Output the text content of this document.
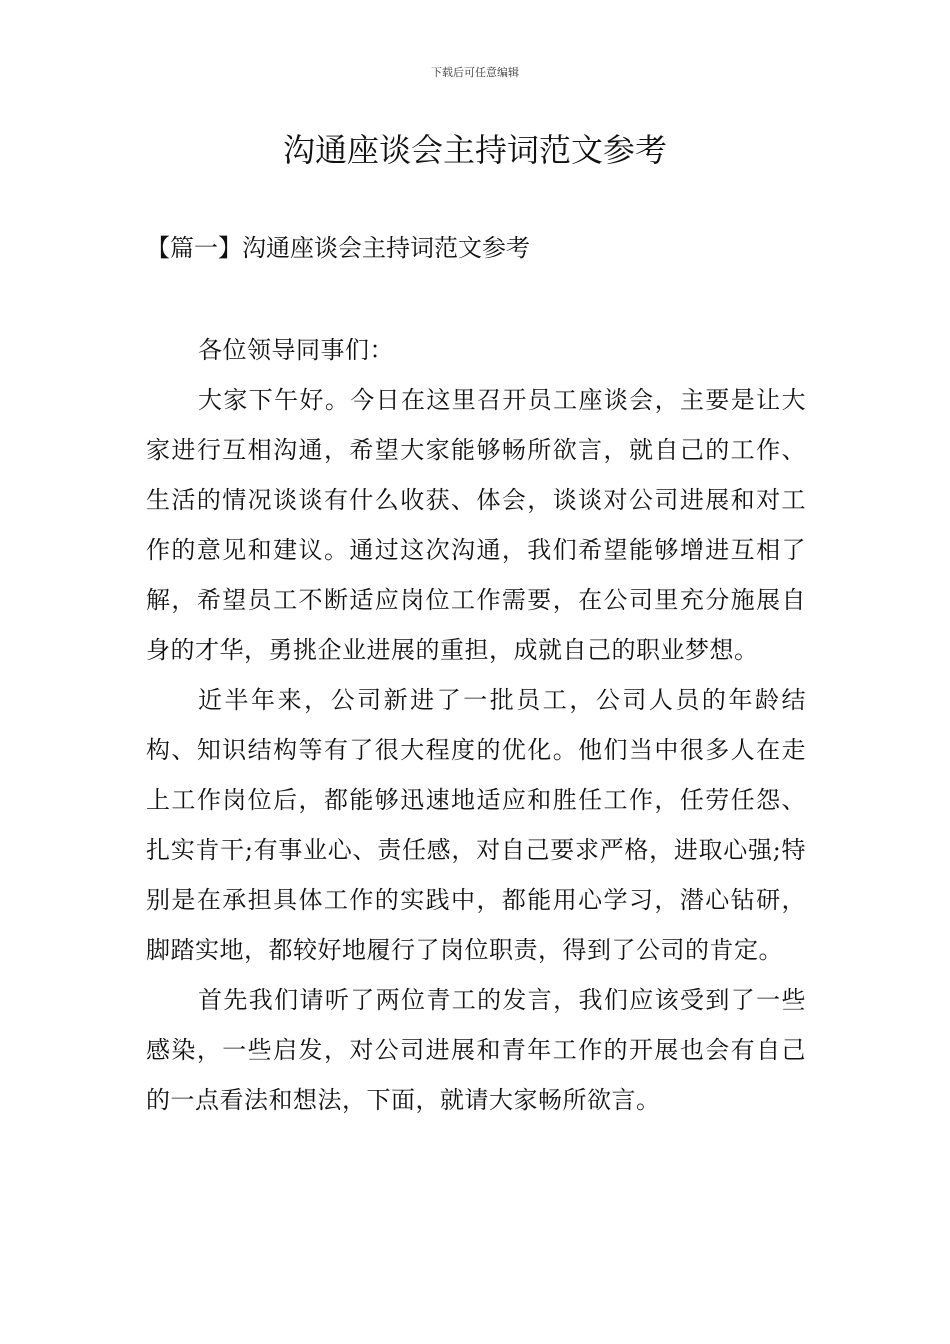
下载后可任意编辑
沟通座谈会主持词范文参考
【篇一】沟通座谈会主持词范文参考

各位领导同事们：

大家下午好。今日在这里召开员工座谈会，主要是让大家进行互相沟通，希望大家能够畅所欲言，就自己的工作、生活的情况谈谈有什么收获、体会，谈谈对公司进展和对工作的意见和建议。通过这次沟通，我们希望能够增进互相了解，希望员工不断适应岗位工作需要，在公司里充分施展自身的才华，勇挑企业进展的重担，成就自己的职业梦想。

近半年来，公司新进了一批员工，公司人员的年龄结构、知识结构等有了很大程度的优化。他们当中很多人在走上工作岗位后，都能够迅速地适应和胜任工作，任劳任怨、扎实肯干;有事业心、责任感，对自己要求严格，进取心强;特别是在承担具体工作的实践中，都能用心学习，潜心钻研，脚踏实地，都较好地履行了岗位职责，得到了公司的肯定。

首先我们请听了两位青工的发言，我们应该受到了一些感染，一些启发，对公司进展和青年工作的开展也会有自己的一点看法和想法，下面，就请大家畅所欲言。
